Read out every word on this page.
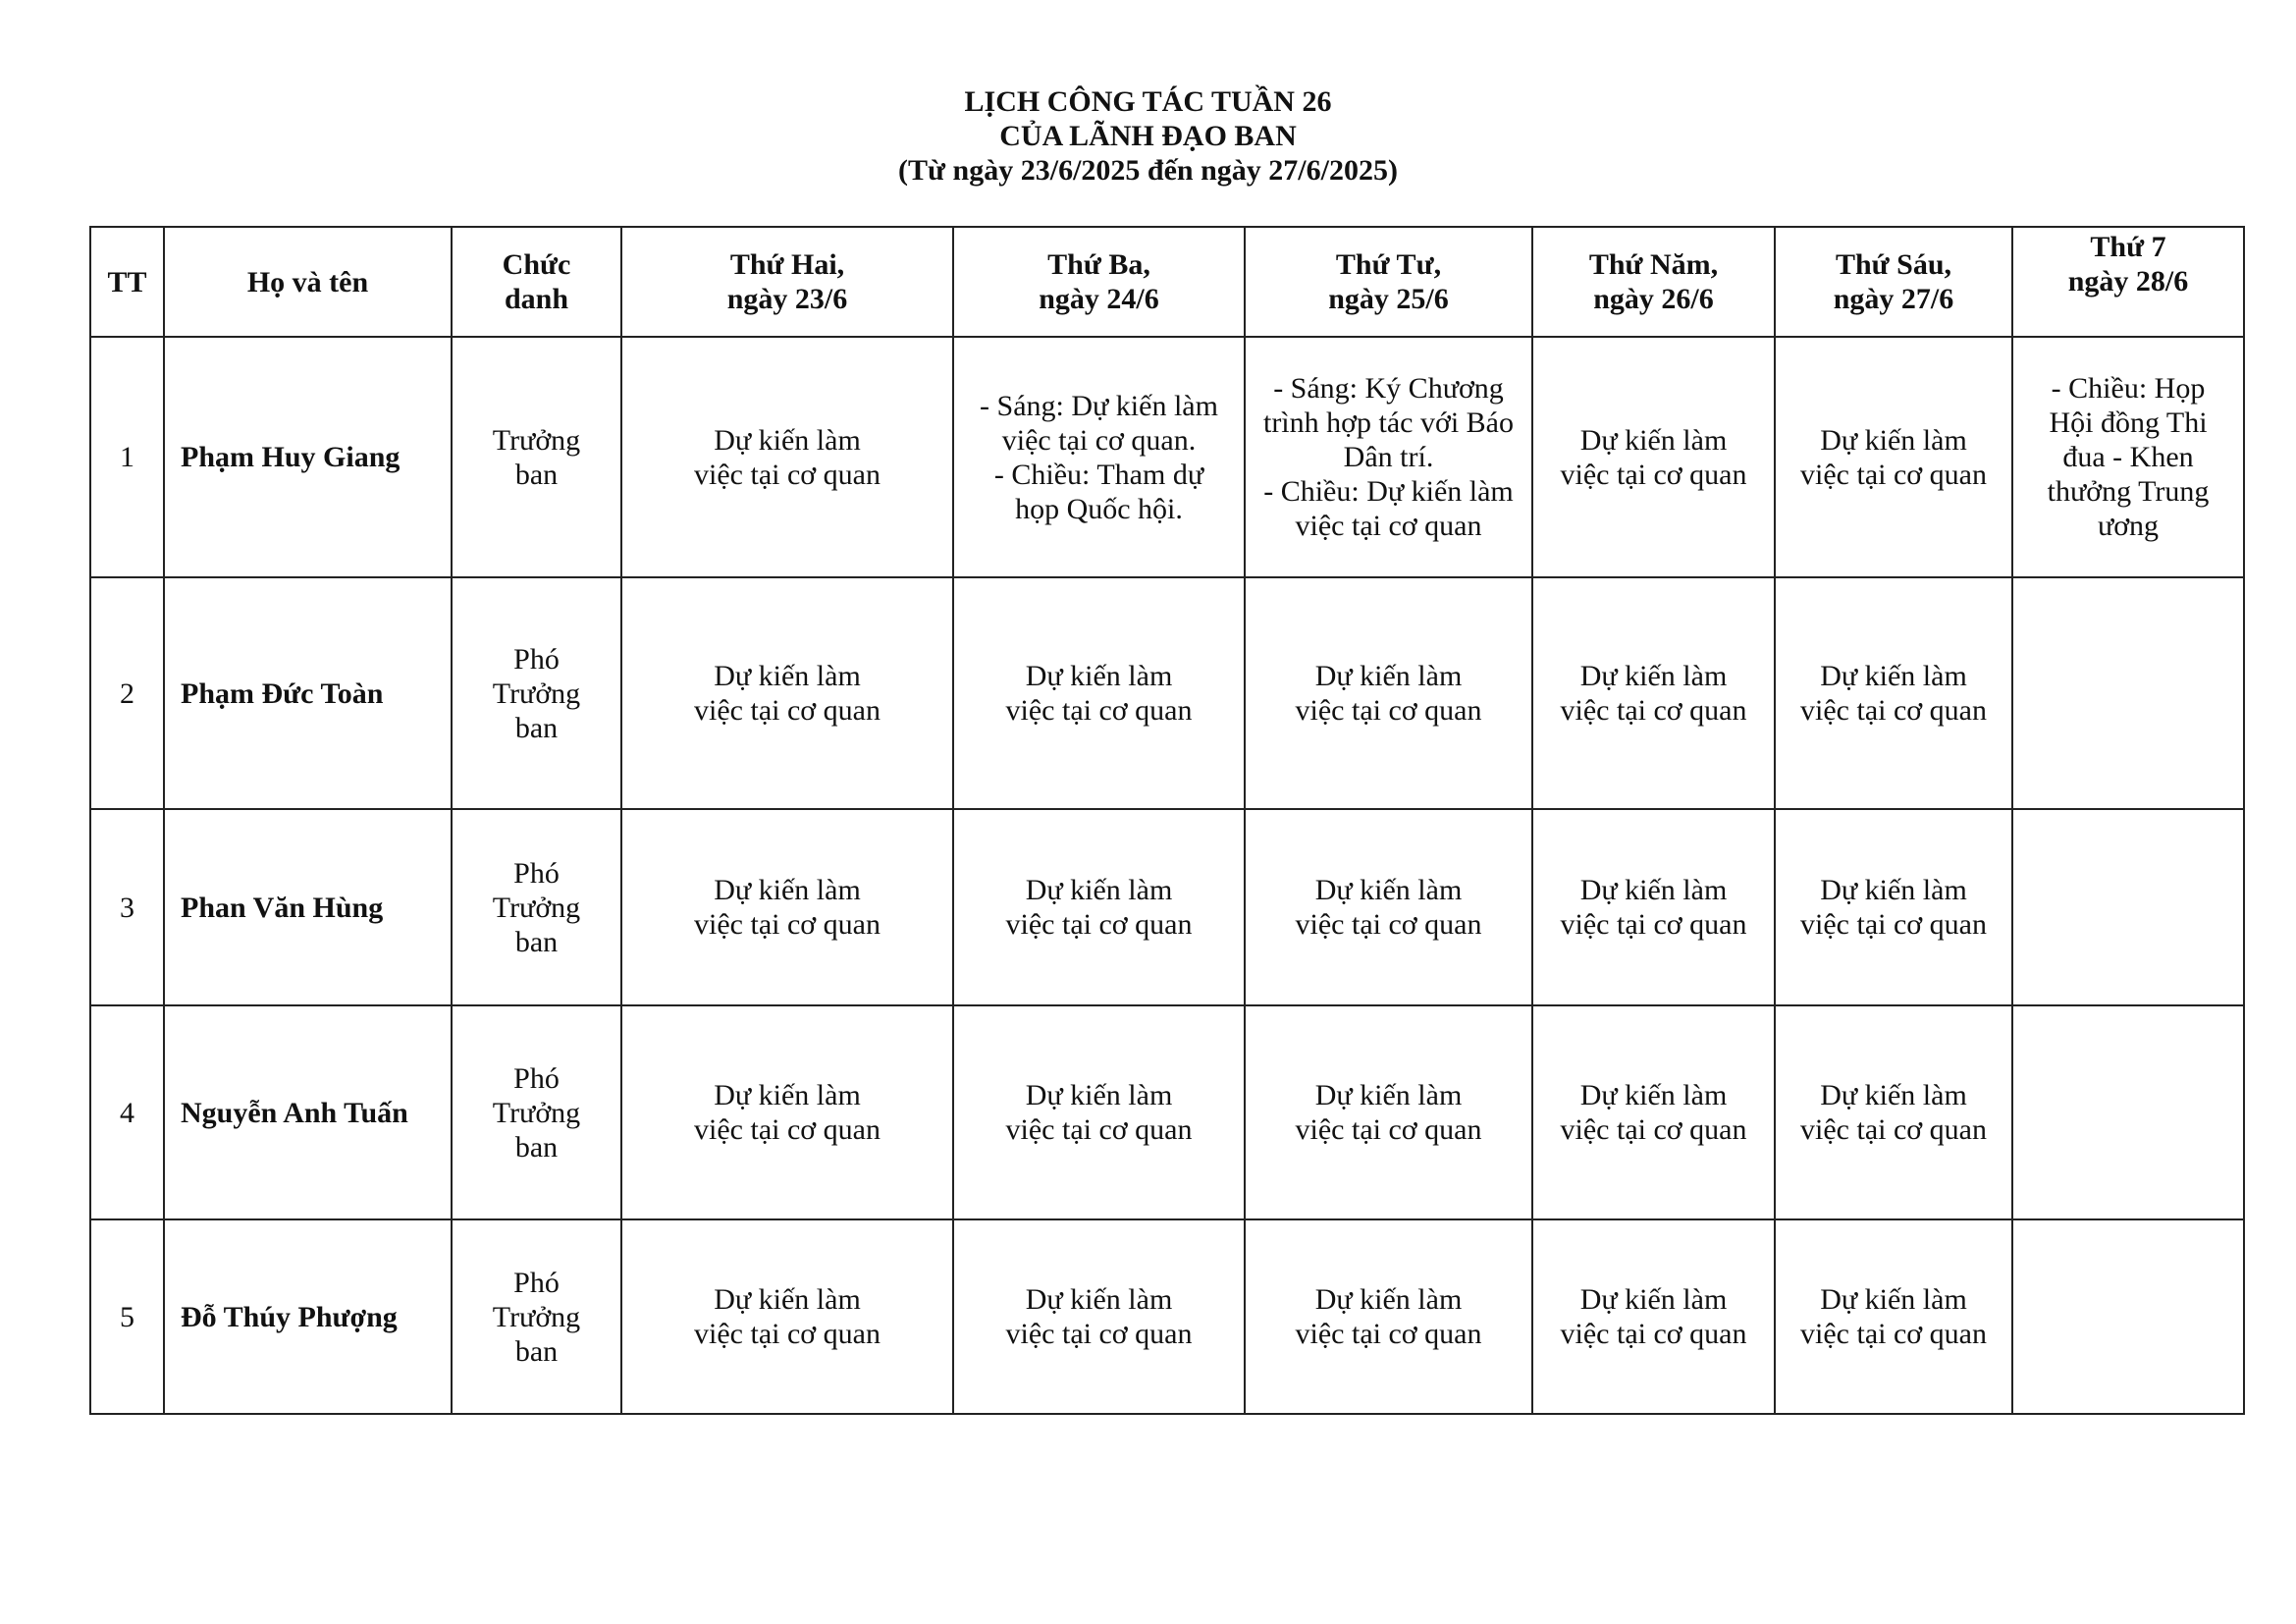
LỊCH CÔNG TÁC TUẦN 26
CỦA LÃNH ĐẠO BAN
(Từ ngày 23/6/2025 đến ngày 27/6/2025)
TT	Họ và tên	Chức
danh	Thứ Hai,
ngày 23/6	Thứ Ba,
ngày 24/6	Thứ Tư,
ngày 25/6	Thứ Năm,
ngày 26/6	Thứ Sáu,
ngày 27/6	Thứ 7
ngày 28/6

1	Phạm Huy Giang	Trưởng
ban	Dự kiến làm
việc tại cơ quan	- Sáng: Dự kiến làm
việc tại cơ quan.
- Chiều: Tham dự
họp Quốc hội.	- Sáng: Ký Chương
trình hợp tác với Báo
Dân trí.
- Chiều: Dự kiến làm
việc tại cơ quan	Dự kiến làm
việc tại cơ quan	Dự kiến làm
việc tại cơ quan	- Chiều: Họp
Hội đồng Thi
đua - Khen
thưởng Trung
ương

2	Phạm Đức Toàn	Phó
Trưởng
ban	Dự kiến làm
việc tại cơ quan	Dự kiến làm
việc tại cơ quan	Dự kiến làm
việc tại cơ quan	Dự kiến làm
việc tại cơ quan	Dự kiến làm
việc tại cơ quan	

3	Phan Văn Hùng	Phó
Trưởng
ban	Dự kiến làm
việc tại cơ quan	Dự kiến làm
việc tại cơ quan	Dự kiến làm
việc tại cơ quan	Dự kiến làm
việc tại cơ quan	Dự kiến làm
việc tại cơ quan	

4	Nguyễn Anh Tuấn	Phó
Trưởng
ban	Dự kiến làm
việc tại cơ quan	Dự kiến làm
việc tại cơ quan	Dự kiến làm
việc tại cơ quan	Dự kiến làm
việc tại cơ quan	Dự kiến làm
việc tại cơ quan	

5	Đỗ Thúy Phượng	Phó
Trưởng
ban	Dự kiến làm
việc tại cơ quan	Dự kiến làm
việc tại cơ quan	Dự kiến làm
việc tại cơ quan	Dự kiến làm
việc tại cơ quan	Dự kiến làm
việc tại cơ quan	
